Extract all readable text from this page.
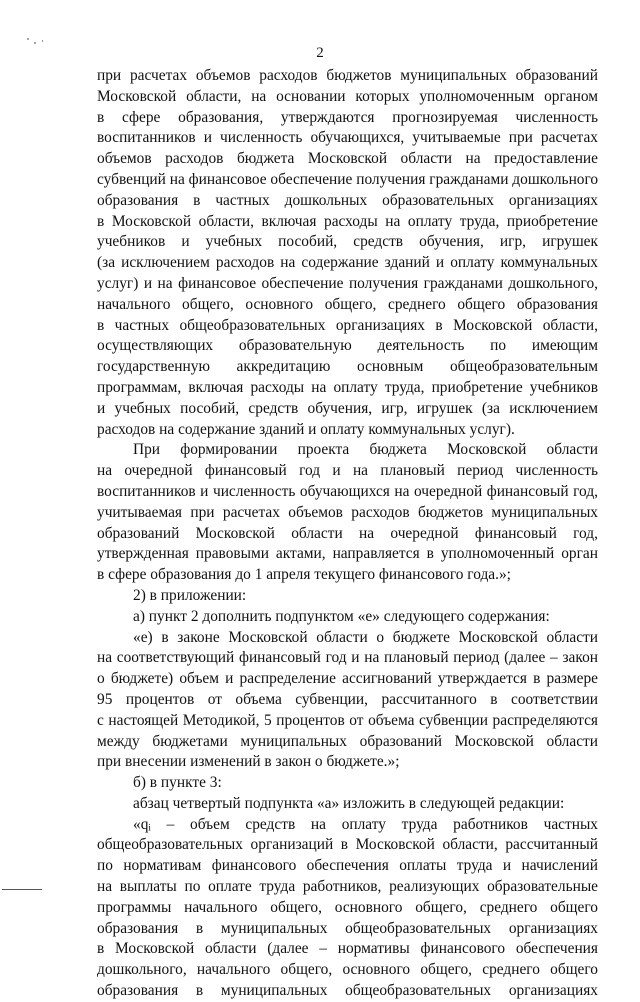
2
при расчетах объемов расходов бюджетов муниципальных образований
Московской области, на основании которых уполномоченным органом
в сфере образования, утверждаются прогнозируемая численность
воспитанников и численность обучающихся, учитываемые при расчетах
объемов расходов бюджета Московской области на предоставление
субвенций на финансовое обеспечение получения гражданами дошкольного
образования в частных дошкольных образовательных организациях
в Московской области, включая расходы на оплату труда, приобретение
учебников и учебных пособий, средств обучения, игр, игрушек
(за исключением расходов на содержание зданий и оплату коммунальных
услуг) и на финансовое обеспечение получения гражданами дошкольного,
начального общего, основного общего, среднего общего образования
в частных общеобразовательных организациях в Московской области,
осуществляющих образовательную деятельность по имеющим
государственную аккредитацию основным общеобразовательным
программам, включая расходы на оплату труда, приобретение учебников
и учебных пособий, средств обучения, игр, игрушек (за исключением
расходов на содержание зданий и оплату коммунальных услуг).
При формировании проекта бюджета Московской области
на очередной финансовый год и на плановый период численность
воспитанников и численность обучающихся на очередной финансовый год,
учитываемая при расчетах объемов расходов бюджетов муниципальных
образований Московской области на очередной финансовый год,
утвержденная правовыми актами, направляется в уполномоченный орган
в сфере образования до 1 апреля текущего финансового года.»;
2) в приложении:
а) пункт 2 дополнить подпунктом «е» следующего содержания:
«е) в законе Московской области о бюджете Московской области
на соответствующий финансовый год и на плановый период (далее – закон
о бюджете) объем и распределение ассигнований утверждается в размере
95 процентов от объема субвенции, рассчитанного в соответствии
с настоящей Методикой, 5 процентов от объема субвенции распределяются
между бюджетами муниципальных образований Московской области
при внесении изменений в закон о бюджете.»;
б) в пункте 3:
абзац четвертый подпункта «а» изложить в следующей редакции:
«qᵢ – объем средств на оплату труда работников частных
общеобразовательных организаций в Московской области, рассчитанный
по нормативам финансового обеспечения оплаты труда и начислений
на выплаты по оплате труда работников, реализующих образовательные
программы начального общего, основного общего, среднего общего
образования в муниципальных общеобразовательных организациях
в Московской области (далее – нормативы финансового обеспечения
дошкольного, начального общего, основного общего, среднего общего
образования в муниципальных общеобразовательных организациях
